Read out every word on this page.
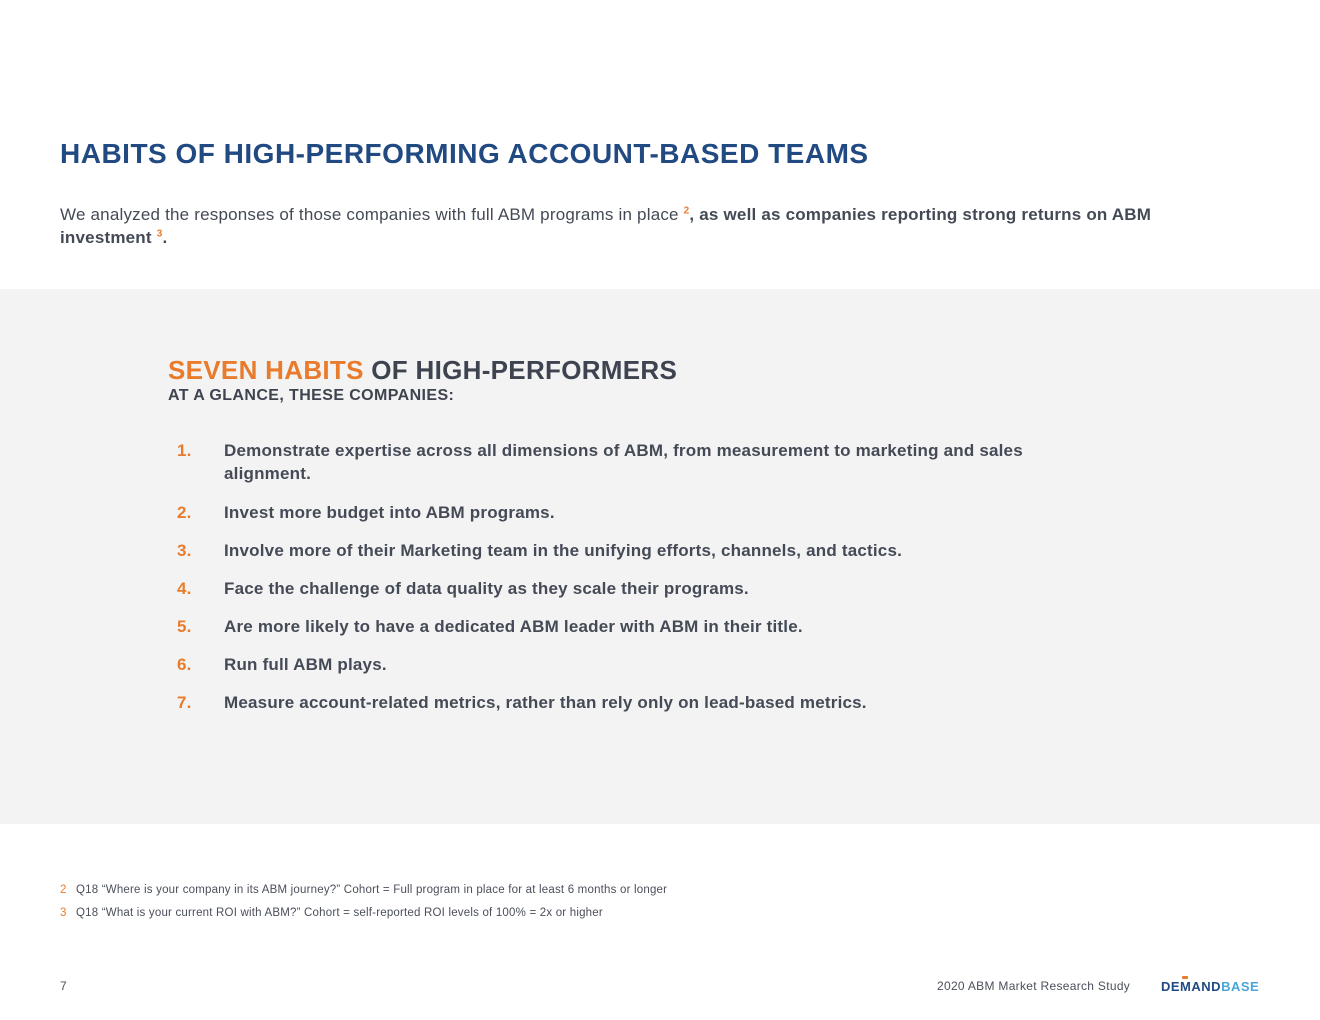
HABITS OF HIGH-PERFORMING ACCOUNT-BASED TEAMS

We analyzed the responses of those companies with full ABM programs in place $^2$, as well as companies reporting strong returns on ABM investment $^3$.

SEVEN HABITS OF HIGH-PERFORMERS

AT A GLANCE, THESE COMPANIES:

1. Demonstrate expertise across all dimensions of ABM, from measurement to marketing and sales alignment.
2. Invest more budget into ABM programs.
3. Involve more of their Marketing team in the unifying efforts, channels, and tactics.
4. Face the challenge of data quality as they scale their programs.
5. Are more likely to have a dedicated ABM leader with ABM in their title.
6. Run full ABM plays.
7. Measure account-related metrics, rather than rely only on lead-based metrics.
2 Q18 “Where is your company in its ABM journey?” Cohort = Full program in place for at least 6 months or longer
3 Q18 “What is your current ROI with ABM?” Cohort = self-reported ROI levels of 100% = 2x or higher
7	2020 ABM Market Research Study DEMANDBASE
